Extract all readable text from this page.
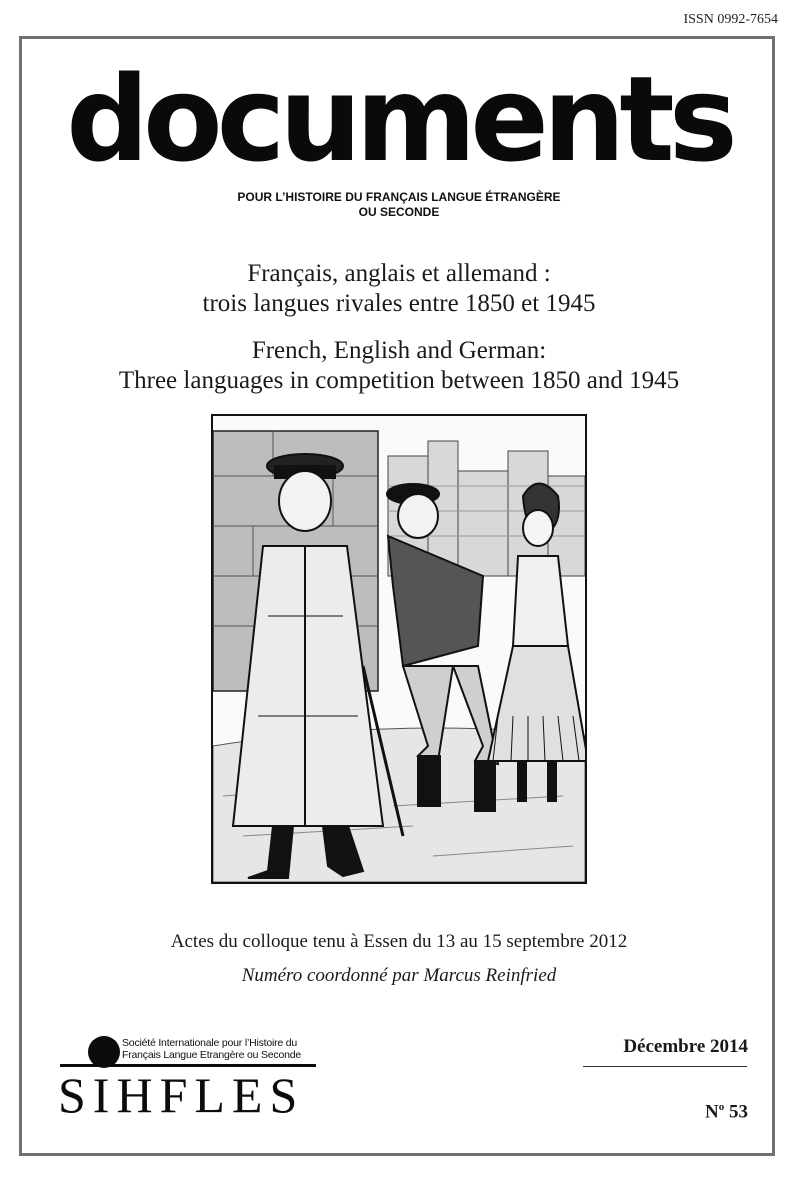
ISSN 0992-7654
documents
POUR L’HISTOIRE DU FRANÇAIS LANGUE ÉTRANGÈRE
OU SECONDE
Français, anglais et allemand :
trois langues rivales entre 1850 et 1945
French, English and German:
Three languages in competition between 1850 and 1945
Actes du colloque tenu à Essen du 13 au 15 septembre 2012
Numéro coordonné par Marcus Reinfried
Société Internationale pour l’Histoire du
Français Langue Etrangère ou Seconde
SIHFLES
Décembre 2014
$N^o$ 53
